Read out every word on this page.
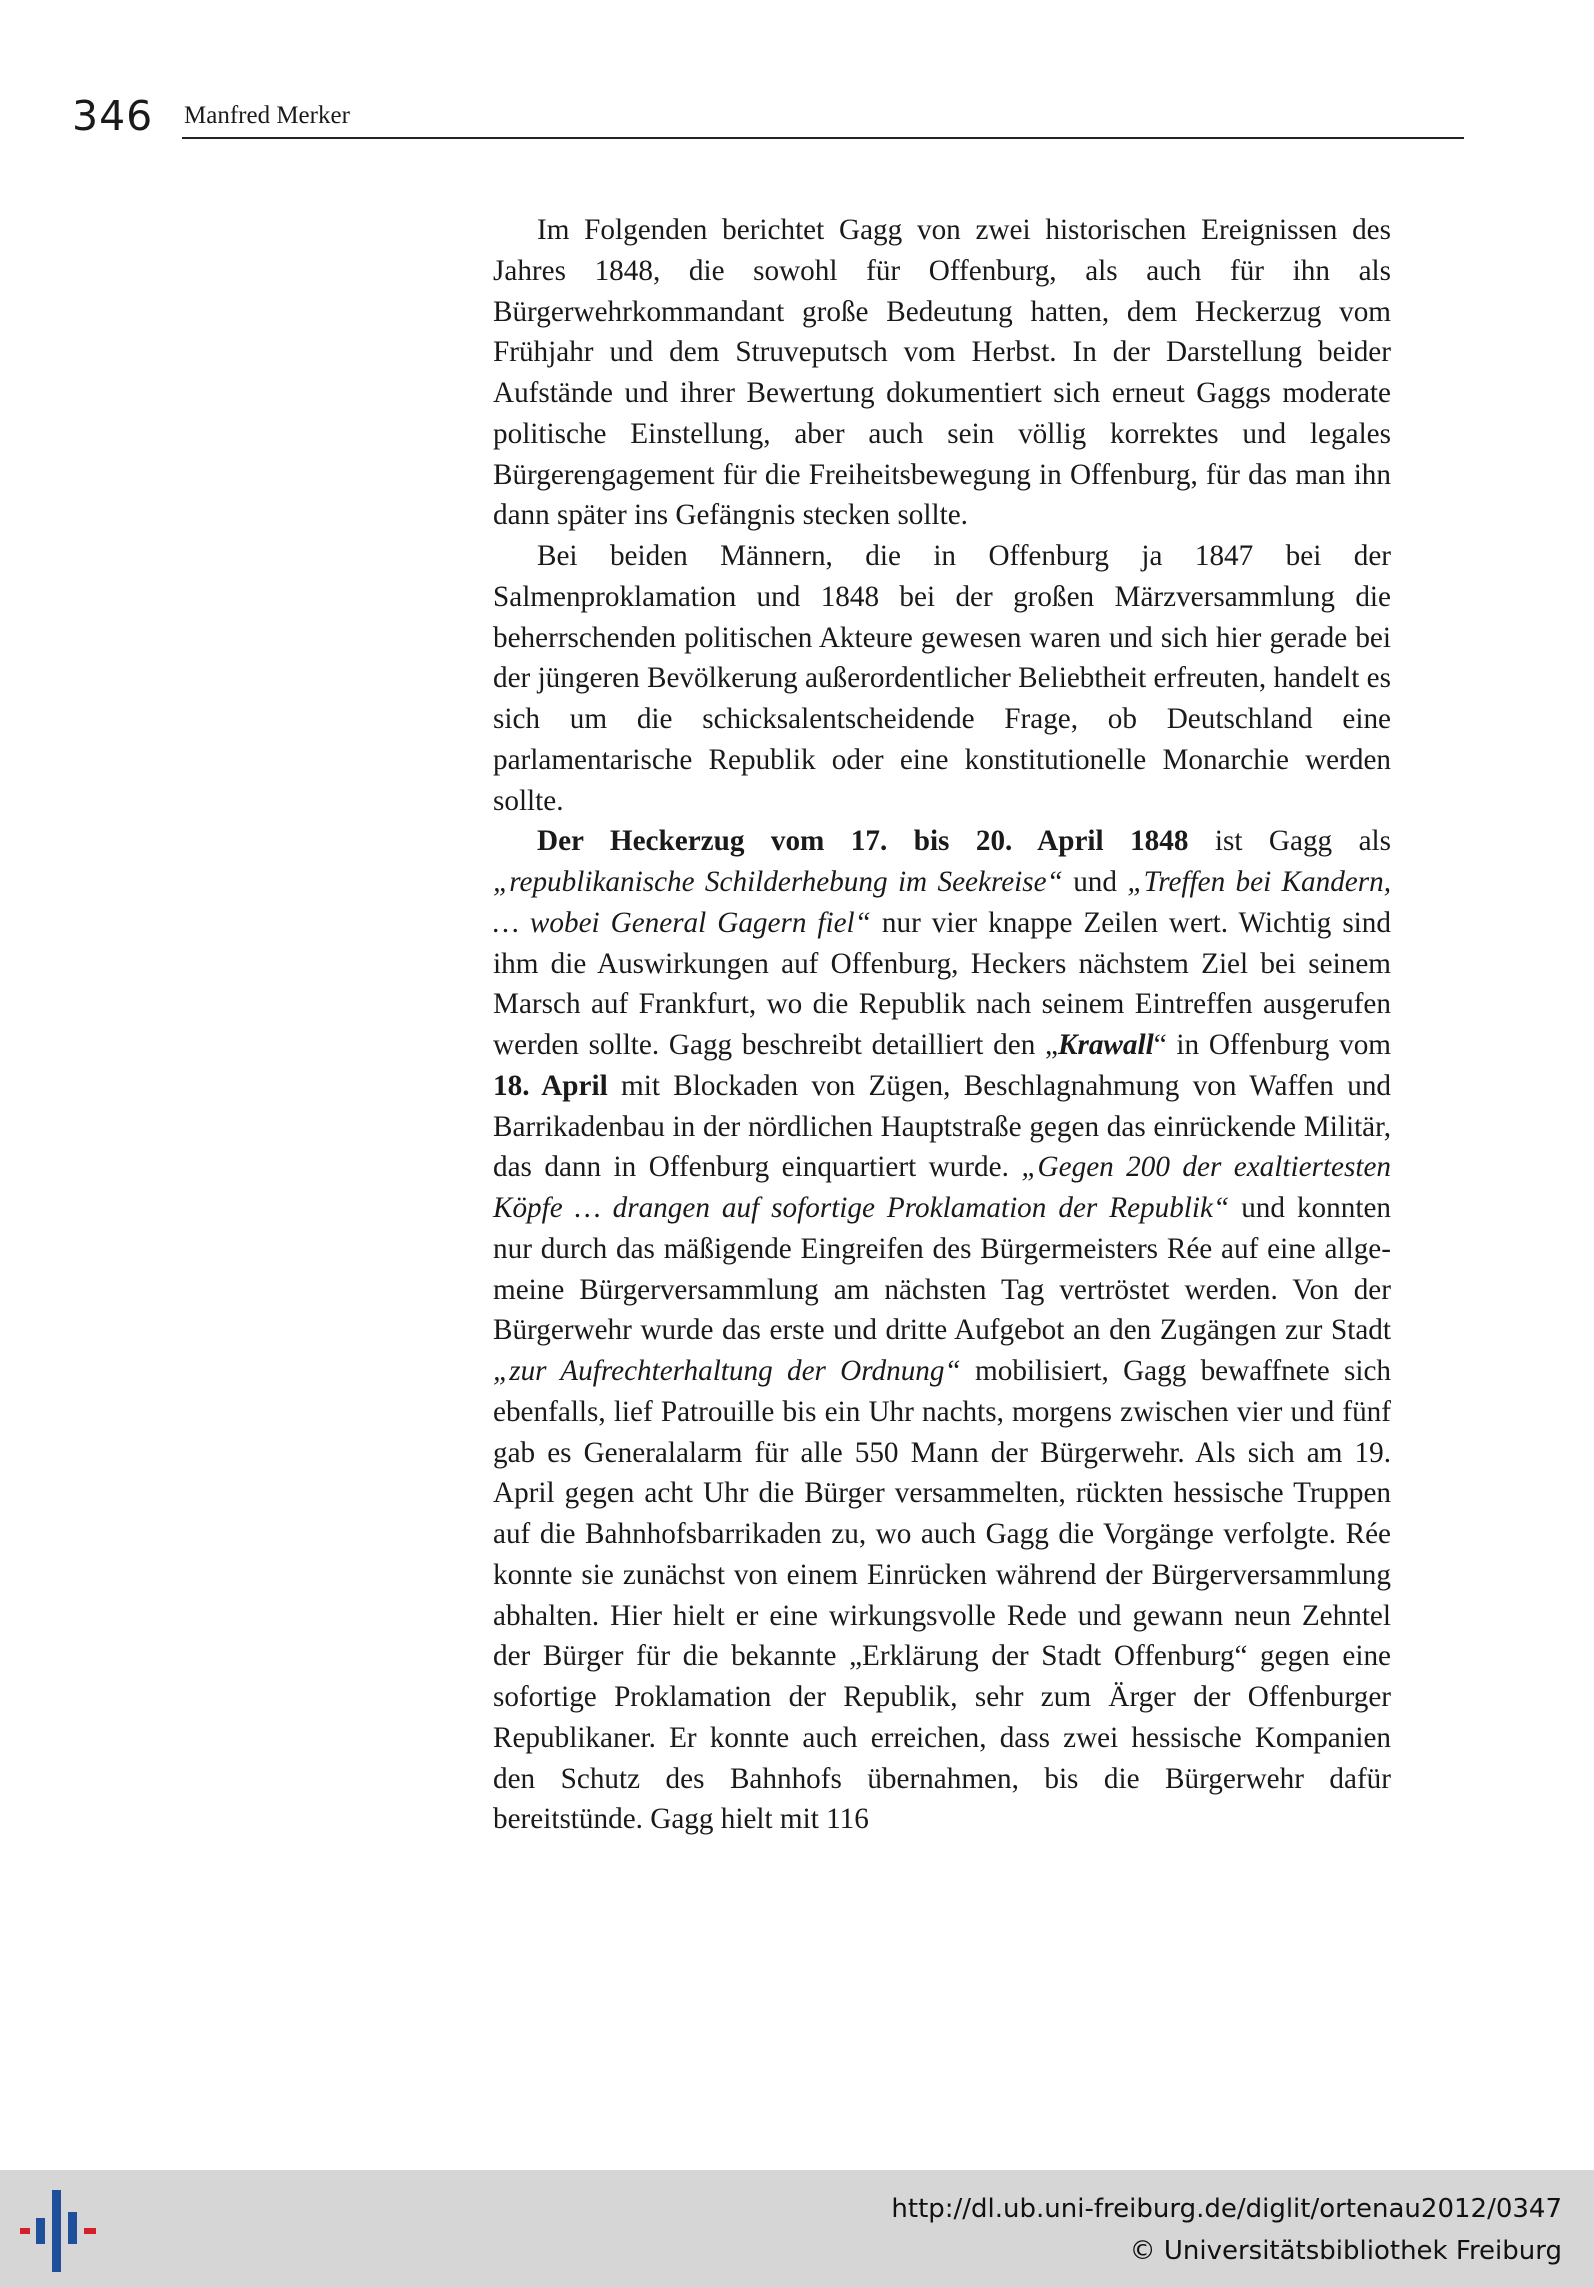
346 Manfred Merker

Im Folgenden berichtet Gagg von zwei historischen Ereignissen des Jahres 1848, die sowohl für Offenburg, als auch für ihn als Bürgerwehrkommandant große Bedeutung hatten, dem Heckerzug vom Frühjahr und dem Struveputsch vom Herbst. In der Darstellung beider Aufstände und ihrer Bewertung dokumentiert sich erneut Gaggs moderate politische Einstellung, aber auch sein völlig korrektes und legales Bürgerengagement für die Freiheitsbewegung in Offenburg, für das man ihn dann später ins Gefängnis stecken sollte.

Bei beiden Männern, die in Offenburg ja 1847 bei der Salmenproklamation und 1848 bei der großen Märzversammlung die beherrschenden politischen Akteure gewesen waren und sich hier gerade bei der jüngeren Bevölkerung außerordentlicher Beliebtheit erfreuten, handelt es sich um die schicksalentscheidende Frage, ob Deutschland eine parlamentarische Republik oder eine konstitutionelle Monarchie werden sollte.

Der Heckerzug vom 17. bis 20. April 1848 ist Gagg als „republikanische Schilderhebung im Seekreise“ und „Treffen bei Kandern, … wobei General Gagern fiel“ nur vier knappe Zeilen wert. Wichtig sind ihm die Auswirkungen auf Offenburg, Heckers nächstem Ziel bei seinem Marsch auf Frankfurt, wo die Republik nach seinem Eintreffen ausgerufen werden sollte. Gagg beschreibt detailliert den „Krawall“ in Offenburg vom 18. April mit Blockaden von Zügen, Beschlagnahmung von Waffen und Barrikadenbau in der nördlichen Hauptstraße gegen das einrückende Militär, das dann in Offenburg einquartiert wurde. „Gegen 200 der exaltiertesten Köpfe … drangen auf sofortige Proklamation der Republik“ und konnten nur durch das mäßigende Eingreifen des Bürgermeisters Rée auf eine allgemeine Bürgerversammlung am nächsten Tag vertröstet werden. Von der Bürgerwehr wurde das erste und dritte Aufgebot an den Zugängen zur Stadt „zur Aufrechterhaltung der Ordnung“ mobilisiert, Gagg bewaffnete sich ebenfalls, lief Patrouille bis ein Uhr nachts, morgens zwischen vier und fünf gab es Generalalarm für alle 550 Mann der Bürgerwehr. Als sich am 19. April gegen acht Uhr die Bürger versammelten, rückten hessische Truppen auf die Bahnhofsbarrikaden zu, wo auch Gagg die Vorgänge verfolgte. Rée konnte sie zunächst von einem Einrücken während der Bürgerversammlung abhalten. Hier hielt er eine wirkungsvolle Rede und gewann neun Zehntel der Bürger für die bekannte „Erklärung der Stadt Offenburg“ gegen eine sofortige Proklamation der Republik, sehr zum Ärger der Offenburger Republikaner. Er konnte auch erreichen, dass zwei hessische Kompanien den Schutz des Bahnhofs übernahmen, bis die Bürgerwehr dafür bereitstünde. Gagg hielt mit 116

http://dl.ub.uni-freiburg.de/diglit/ortenau2012/0347
© Universitätsbibliothek Freiburg
